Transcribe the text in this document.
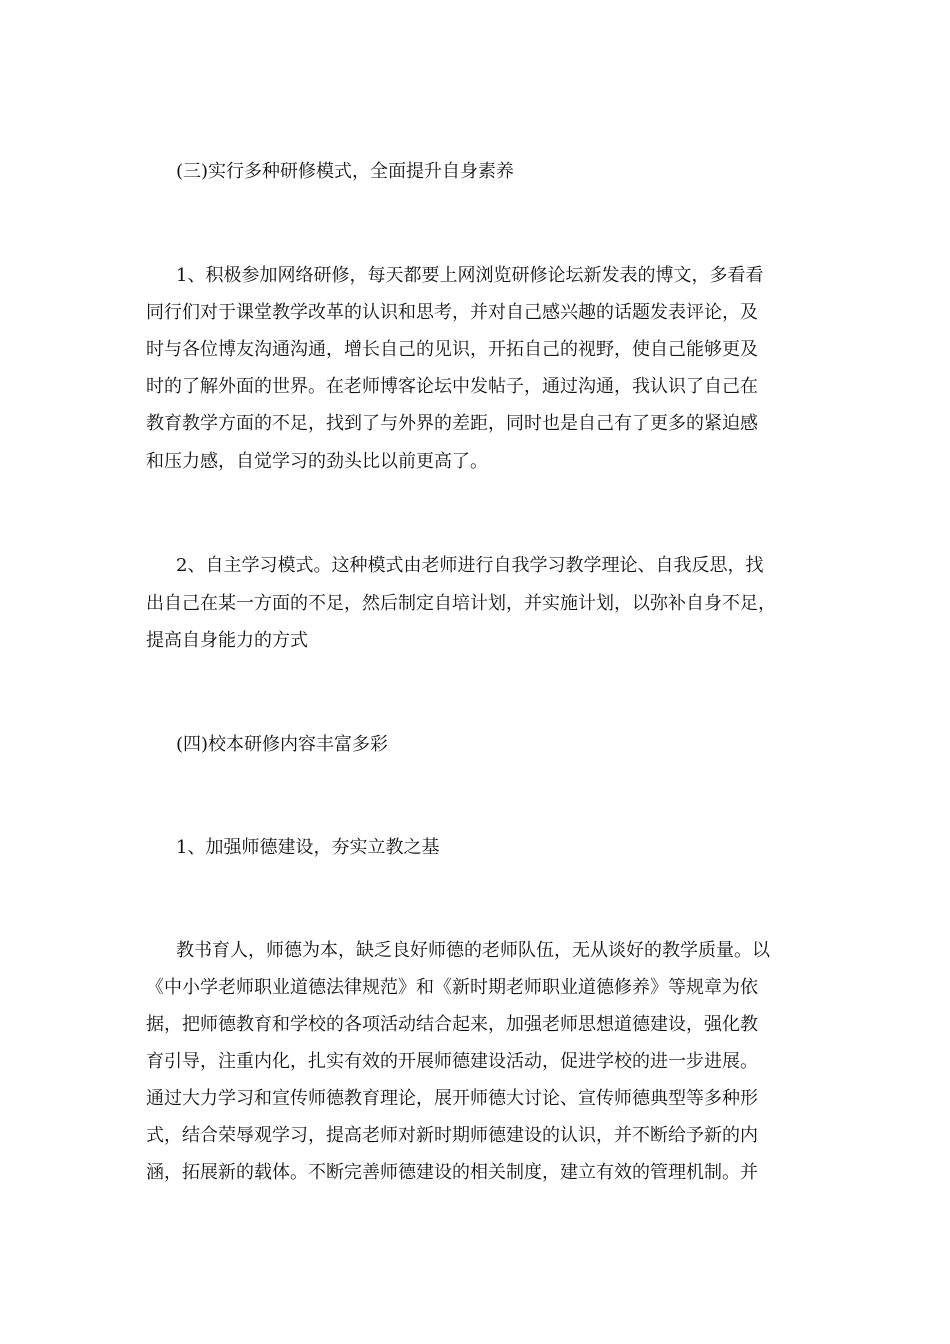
(三)实行多种研修模式，全面提升自身素养
1、积极参加网络研修，每天都要上网浏览研修论坛新发表的博文，多看看
同行们对于课堂教学改革的认识和思考，并对自己感兴趣的话题发表评论，及
时与各位博友沟通沟通，增长自己的见识，开拓自己的视野，使自己能够更及
时的了解外面的世界。在老师博客论坛中发帖子，通过沟通，我认识了自己在
教育教学方面的不足，找到了与外界的差距，同时也是自己有了更多的紧迫感
和压力感，自觉学习的劲头比以前更高了。
2、自主学习模式。这种模式由老师进行自我学习教学理论、自我反思，找
出自己在某一方面的不足，然后制定自培计划，并实施计划，以弥补自身不足，
提高自身能力的方式
(四)校本研修内容丰富多彩
1、加强师德建设，夯实立教之基
教书育人，师德为本，缺乏良好师德的老师队伍，无从谈好的教学质量。以
《中小学老师职业道德法律规范》和《新时期老师职业道德修养》等规章为依
据，把师德教育和学校的各项活动结合起来，加强老师思想道德建设，强化教
育引导，注重内化，扎实有效的开展师德建设活动，促进学校的进一步进展。
通过大力学习和宣传师德教育理论，展开师德大讨论、宣传师德典型等多种形
式，结合荣辱观学习，提高老师对新时期师德建设的认识，并不断给予新的内
涵，拓展新的载体。不断完善师德建设的相关制度，建立有效的管理机制。并
